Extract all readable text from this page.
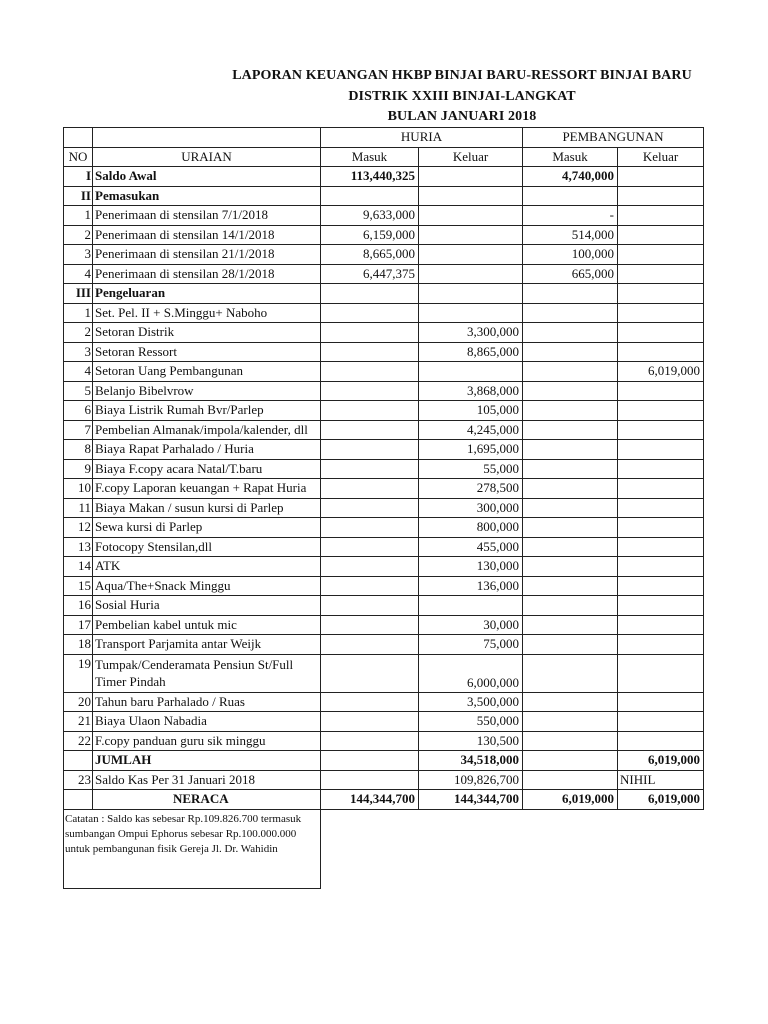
LAPORAN KEUANGAN HKBP BINJAI BARU-RESSORT BINJAI BARU
DISTRIK XXIII BINJAI-LANGKAT
BULAN JANUARI 2018
		HURIA		PEMBANGUNAN	
NO	URAIAN	Masuk	Keluar	Masuk	Keluar
I	Saldo Awal	113,440,325		4,740,000	
II	Pemasukan				
1	Penerimaan di stensilan 7/1/2018	9,633,000		-	
2	Penerimaan di stensilan 14/1/2018	6,159,000		514,000	
3	Penerimaan di stensilan 21/1/2018	8,665,000		100,000	
4	Penerimaan di stensilan 28/1/2018	6,447,375		665,000	
III	Pengeluaran				
1	Set. Pel. II + S.Minggu+ Naboho				
2	Setoran Distrik		3,300,000		
3	Setoran Ressort		8,865,000		
4	Setoran Uang Pembangunan				6,019,000
5	Belanjo Bibelvrow		3,868,000		
6	Biaya Listrik Rumah Bvr/Parlep		105,000		
7	Pembelian Almanak/impola/kalender, dll		4,245,000		
8	Biaya Rapat Parhalado / Huria		1,695,000		
9	Biaya F.copy acara Natal/T.baru		55,000		
10	F.copy Laporan keuangan + Rapat Huria		278,500		
11	Biaya Makan / susun kursi di Parlep		300,000		
12	Sewa kursi di Parlep		800,000		
13	Fotocopy Stensilan,dll		455,000		
14	ATK		130,000		
15	Aqua/The+Snack Minggu		136,000		
16	Sosial Huria				
17	Pembelian kabel untuk mic		30,000		
18	Transport Parjamita antar Weijk		75,000		
19	Tumpak/Cenderamata Pensiun St/Full Timer Pindah		6,000,000		
20	Tahun baru Parhalado / Ruas		3,500,000		
21	Biaya Ulaon Nabadia		550,000		
22	F.copy panduan guru sik minggu		130,500		
	JUMLAH		34,518,000		6,019,000
23	Saldo Kas Per 31 Januari 2018		109,826,700		NIHIL
	NERACA	144,344,700	144,344,700	6,019,000	6,019,000
Catatan : Saldo kas sebesar Rp.109.826.700 termasuk sumbangan Ompui Ephorus sebesar Rp.100.000.000 untuk pembangunan fisik Gereja Jl. Dr. Wahidin					
